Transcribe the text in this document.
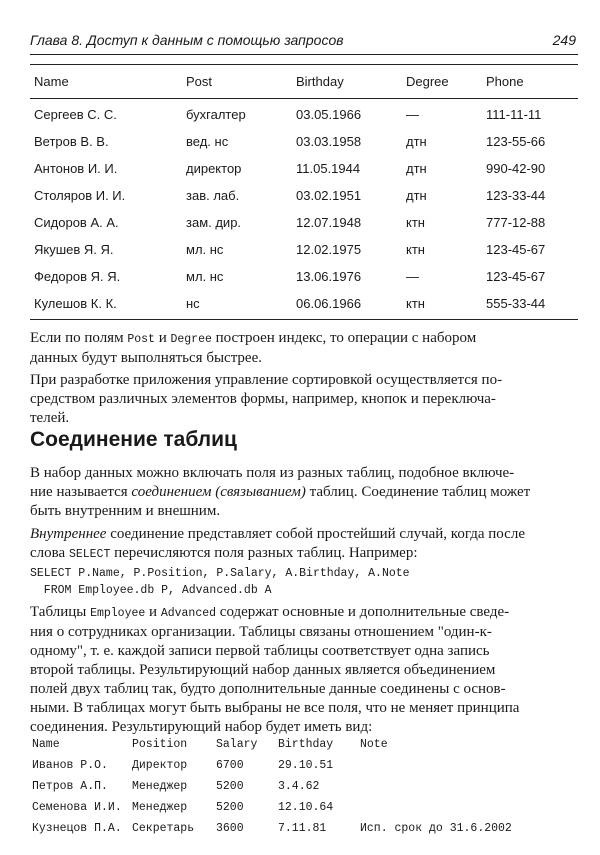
Глава 8. Доступ к данным с помощью запросов	249
Name	Post	Birthday	Degree	Phone
Сергеев С. С.	бухгалтер	03.05.1966	—	111-11-11
Ветров В. В.	вед. нс	03.03.1958	дтн	123-55-66
Антонов И. И.	директор	11.05.1944	дтн	990-42-90
Столяров И. И.	зав. лаб.	03.02.1951	дтн	123-33-44
Сидоров А. А.	зам. дир.	12.07.1948	ктн	777-12-88
Якушев Я. Я.	мл. нс	12.02.1975	ктн	123-45-67
Федоров Я. Я.	мл. нс	13.06.1976	—	123-45-67
Кулешов К. К.	нс	06.06.1966	ктн	555-33-44

Если по полям Post и Degree построен индекс, то операции с набором
данных будут выполняться быстрее.

При разработке приложения управление сортировкой осуществляется по-
средством различных элементов формы, например, кнопок и переключа-
телей.

Соединение таблиц

В набор данных можно включать поля из разных таблиц, подобное включе-
ние называется соединением (связыванием) таблиц. Соединение таблиц может
быть внутренним и внешним.

Внутреннее соединение представляет собой простейший случай, когда после
слова SELECT перечисляются поля разных таблиц. Например:

SELECT P.Name, P.Position, P.Salary, A.Birthday, A.Note
FROM Employee.db P, Advanced.db A

Таблицы Employee и Advanced содержат основные и дополнительные сведе-
ния о сотрудниках организации. Таблицы связаны отношением "один-к-
одному", т. е. каждой записи первой таблицы соответствует одна запись
второй таблицы. Результирующий набор данных является объединением
полей двух таблиц так, будто дополнительные данные соединены с основ-
ными. В таблицах могут быть выбраны не все поля, что не меняет принципа
соединения. Результирующий набор будет иметь вид:

Name	Position	Salary Birthday Note
Иванов Р.О. Директор	6700	29.10.51
Петров А.П. Менеджер	5200	3.4.62
Семенова И.И. Менеджер	5200	12.10.64
Кузнецов П.А. Секретарь 3600	7.11.81	Исп. срок до 31.6.2002
